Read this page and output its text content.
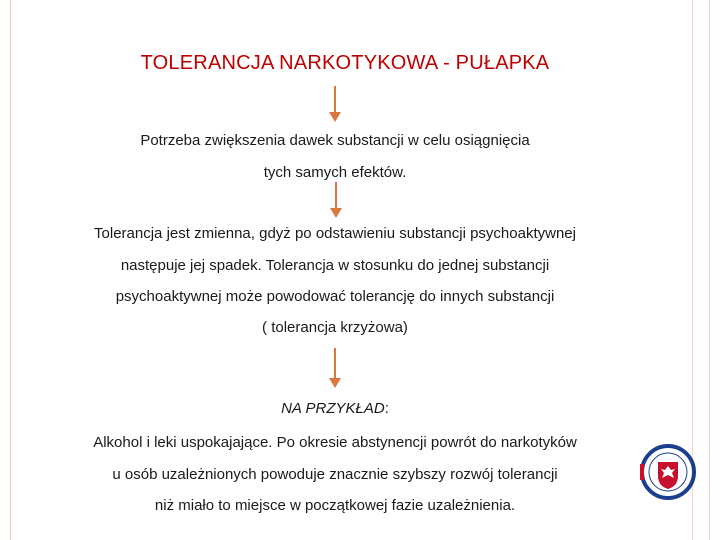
TOLERANCJA NARKOTYKOWA - PUŁAPKA
Potrzeba zwiększenia dawek substancji w celu osiągnięcia
tych samych efektów.
Tolerancja jest zmienna, gdyż po odstawieniu substancji psychoaktywnej
następuje jej spadek. Tolerancja w stosunku do jednej substancji
psychoaktywnej może powodować tolerancję do innych substancji
( tolerancja krzyżowa)
NA PRZYKŁAD:
Alkohol i leki uspokajające. Po okresie abstynencji powrót do narkotyków
u osób uzależnionych powoduje znacznie szybszy rozwój tolerancji
niż miało to miejsce w początkowej fazie uzależnienia.
